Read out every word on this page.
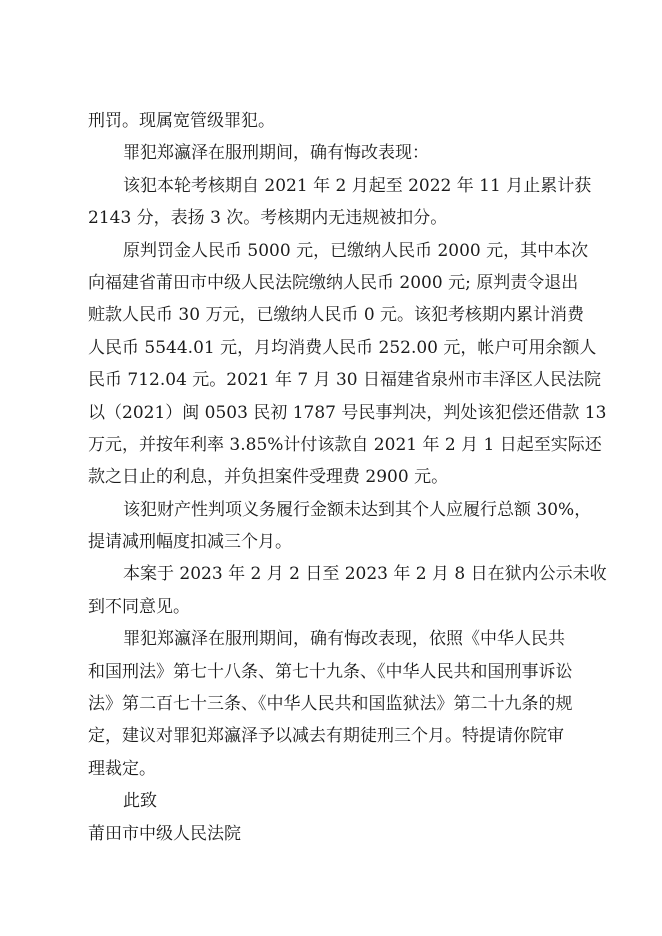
刑罚。现属宽管级罪犯。

罪犯郑瀛泽在服刑期间，确有悔改表现：

该犯本轮考核期自 2021 年 2 月起至 2022 年 11 月止累计获
2143 分，表扬 3 次。考核期内无违规被扣分。

原判罚金人民币 5000 元，已缴纳人民币 2000 元，其中本次
向福建省莆田市中级人民法院缴纳人民币 2000 元; 原判责令退出
赃款人民币 30 万元，已缴纳人民币 0 元。该犯考核期内累计消费
人民币 5544.01 元，月均消费人民币 252.00 元，帐户可用余额人
民币 712.04 元。2021 年 7 月 30 日福建省泉州市丰泽区人民法院
以（2021）闽 0503 民初 1787 号民事判决，判处该犯偿还借款 13
万元，并按年利率 3.85%计付该款自 2021 年 2 月 1 日起至实际还
款之日止的利息，并负担案件受理费 2900 元。

该犯财产性判项义务履行金额未达到其个人应履行总额 30%，
提请减刑幅度扣减三个月。

本案于 2023 年 2 月 2 日至 2023 年 2 月 8 日在狱内公示未收
到不同意见。

罪犯郑瀛泽在服刑期间，确有悔改表现，依照《中华人民共
和国刑法》第七十八条、第七十九条、《中华人民共和国刑事诉讼
法》第二百七十三条、《中华人民共和国监狱法》第二十九条的规
定，建议对罪犯郑瀛泽予以减去有期徒刑三个月。特提请你院审
理裁定。

此致

莆田市中级人民法院
